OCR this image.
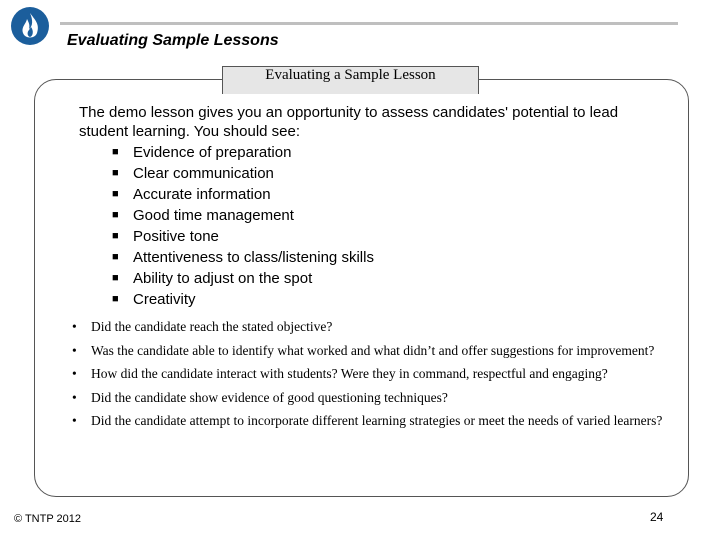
Evaluating Sample Lessons
Evaluating a Sample Lesson

The demo lesson gives you an opportunity to assess candidates' potential to lead student learning. You should see:

■ Evidence of preparation
■ Clear communication
■ Accurate information
■ Good time management
■ Positive tone
■ Attentiveness to class/listening skills
■ Ability to adjust on the spot
■ Creativity
• Did the candidate reach the stated objective?
• Was the candidate able to identify what worked and what didn’t and offer suggestions for improvement?
• How did the candidate interact with students? Were they in command, respectful and engaging?
• Did the candidate show evidence of good questioning techniques?
• Did the candidate attempt to incorporate different learning strategies or meet the needs of varied learners?
© TNTP 2012	24
